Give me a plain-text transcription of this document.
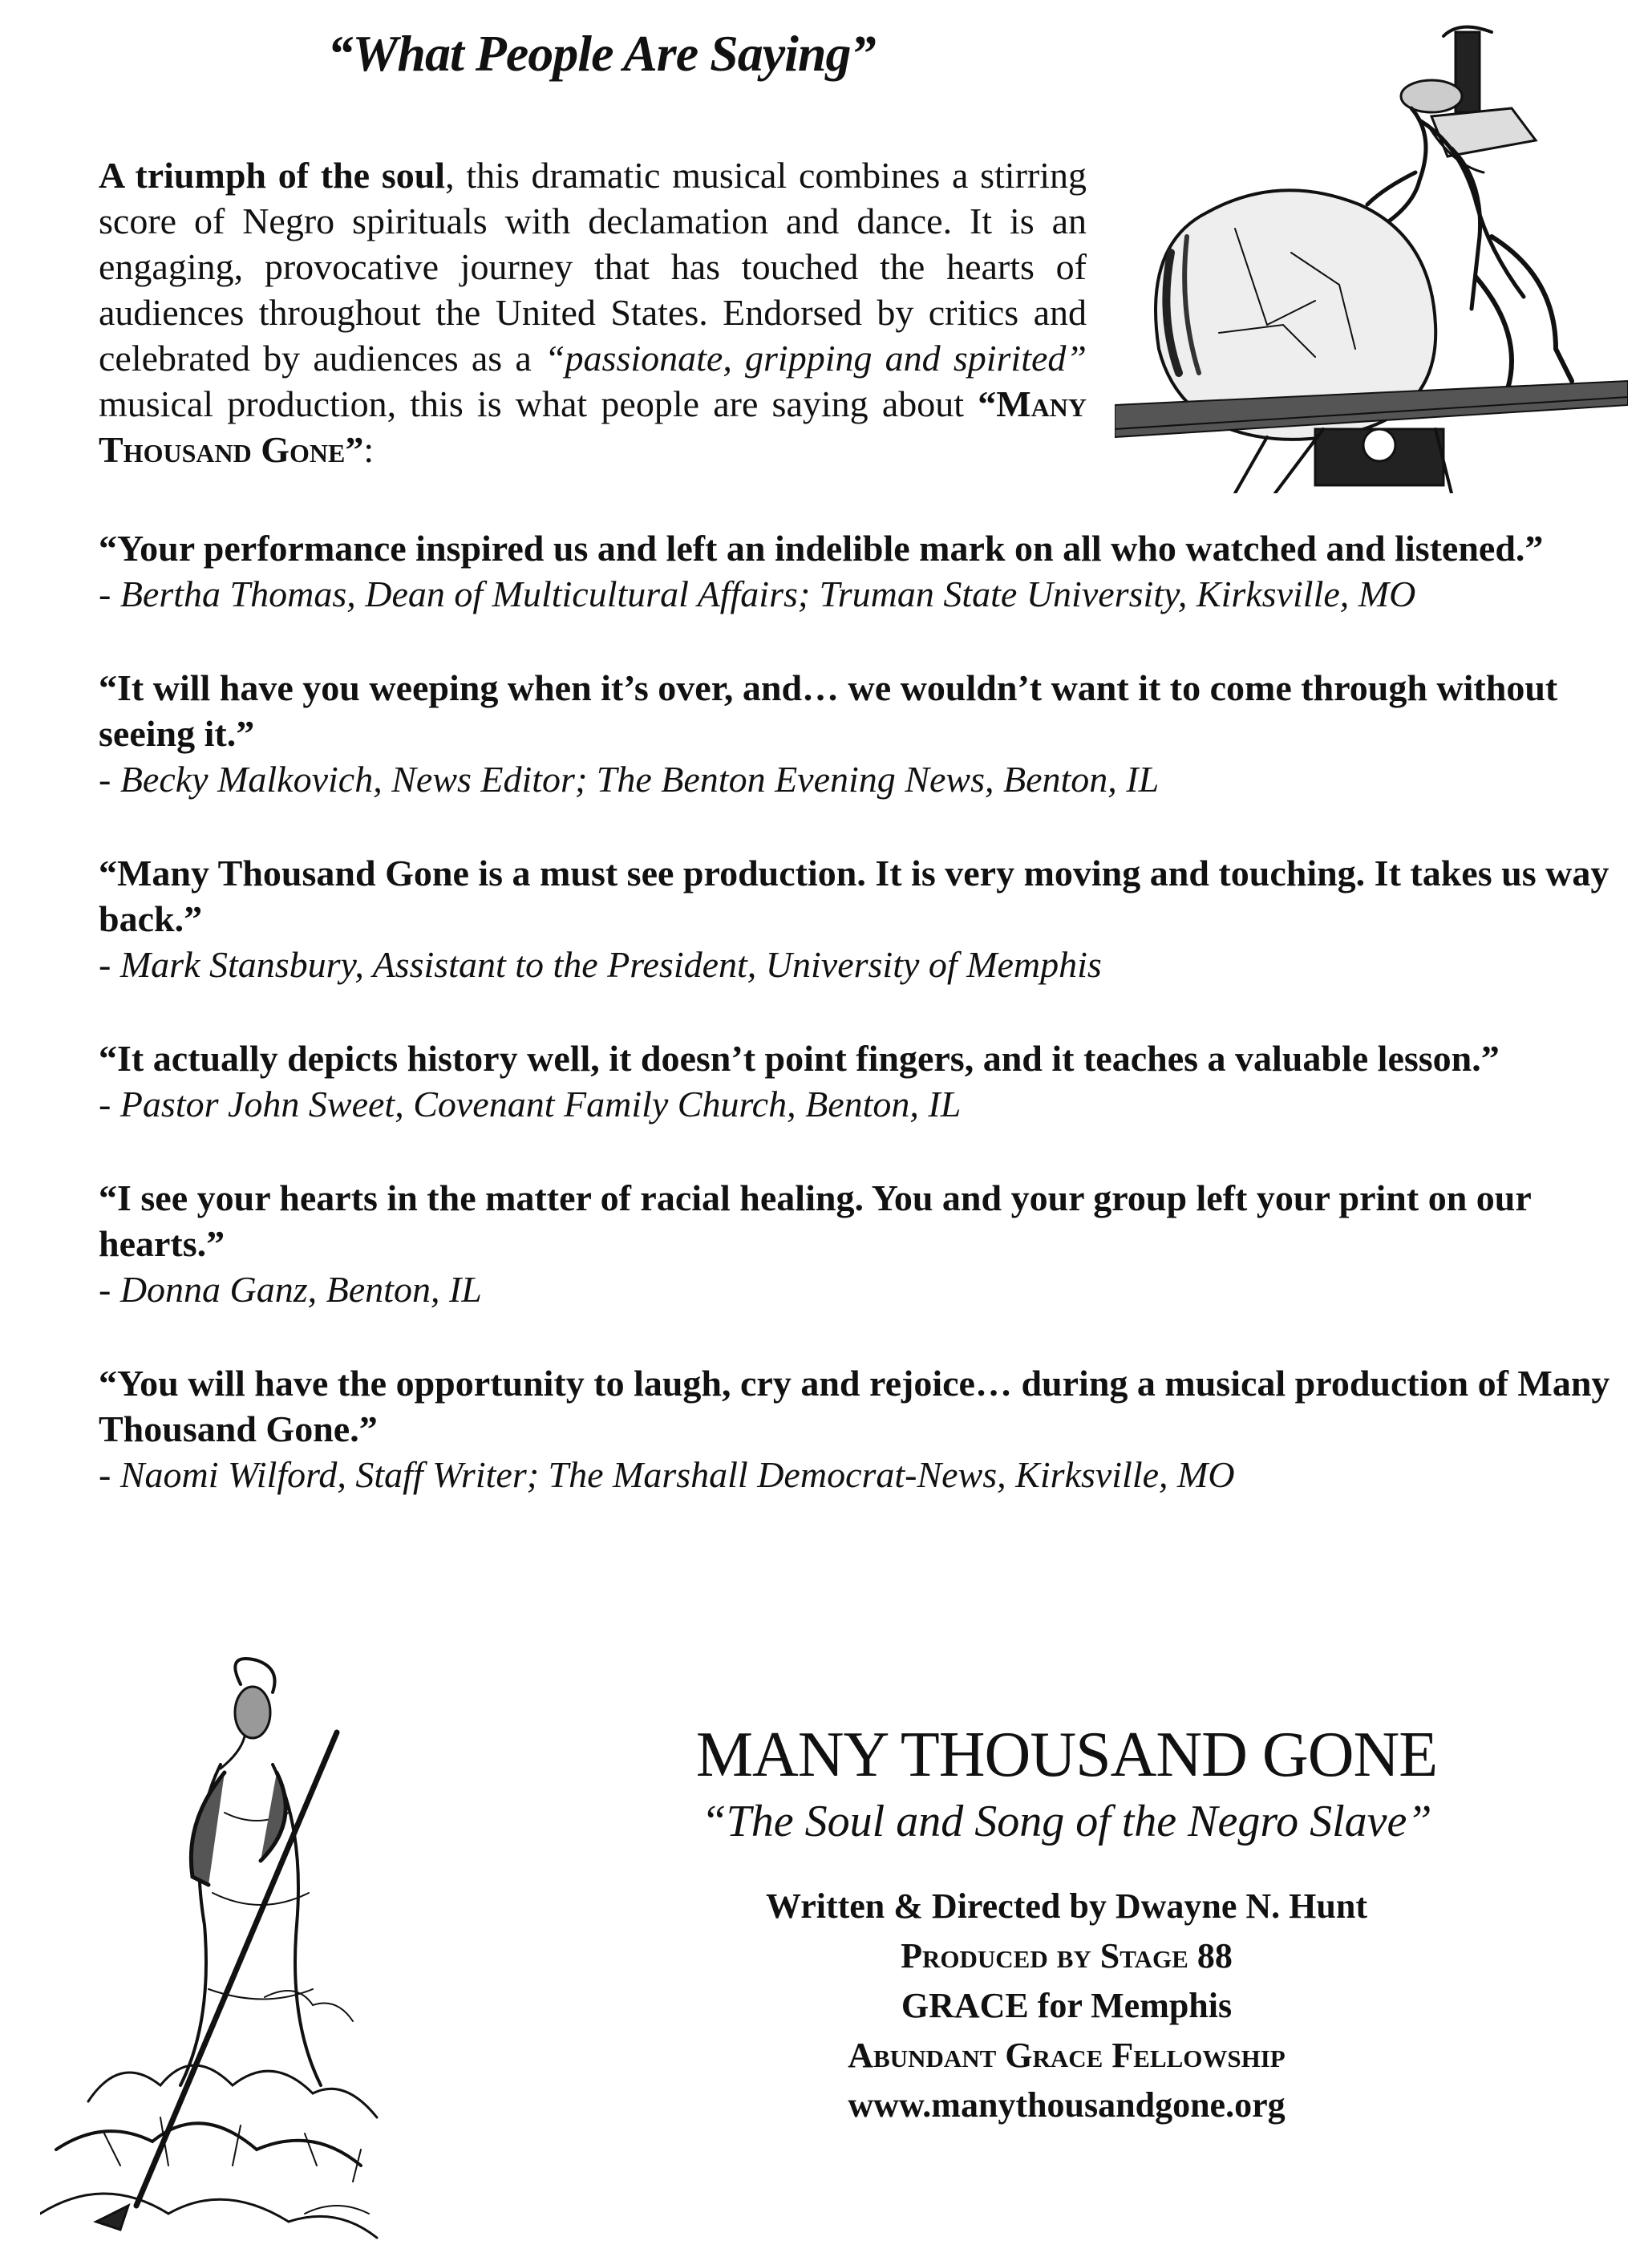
“What People Are Saying”
A triumph of the soul, this dramatic musical combines a stirring score of Negro spirituals with declamation and dance. It is an engaging, provocative journey that has touched the hearts of audiences throughout the United States. Endorsed by critics and celebrated by audiences as a “passionate, gripping and spirited” musical production, this is what people are saying about “Many Thousand Gone”:
“Your performance inspired us and left an indelible mark on all who watched and listened.”
- Bertha Thomas, Dean of Multicultural Affairs; Truman State University, Kirksville, MO
“It will have you weeping when it’s over, and… we wouldn’t want it to come through without seeing it.”
- Becky Malkovich, News Editor; The Benton Evening News, Benton, IL
“Many Thousand Gone is a must see production. It is very moving and touching. It takes us way back.”
- Mark Stansbury, Assistant to the President, University of Memphis
“It actually depicts history well, it doesn’t point fingers, and it teaches a valuable lesson.”
- Pastor John Sweet, Covenant Family Church, Benton, IL
“I see your hearts in the matter of racial healing. You and your group left your print on our hearts.”
- Donna Ganz, Benton, IL
“You will have the opportunity to laugh, cry and rejoice… during a musical production of Many Thousand Gone.”
- Naomi Wilford, Staff Writer; The Marshall Democrat-News, Kirksville, MO
MANY THOUSAND GONE
“The Soul and Song of the Negro Slave”
Written & Directed by Dwayne N. Hunt
Produced by Stage 88
GRACE for Memphis
Abundant Grace Fellowship
www.manythousandgone.org
